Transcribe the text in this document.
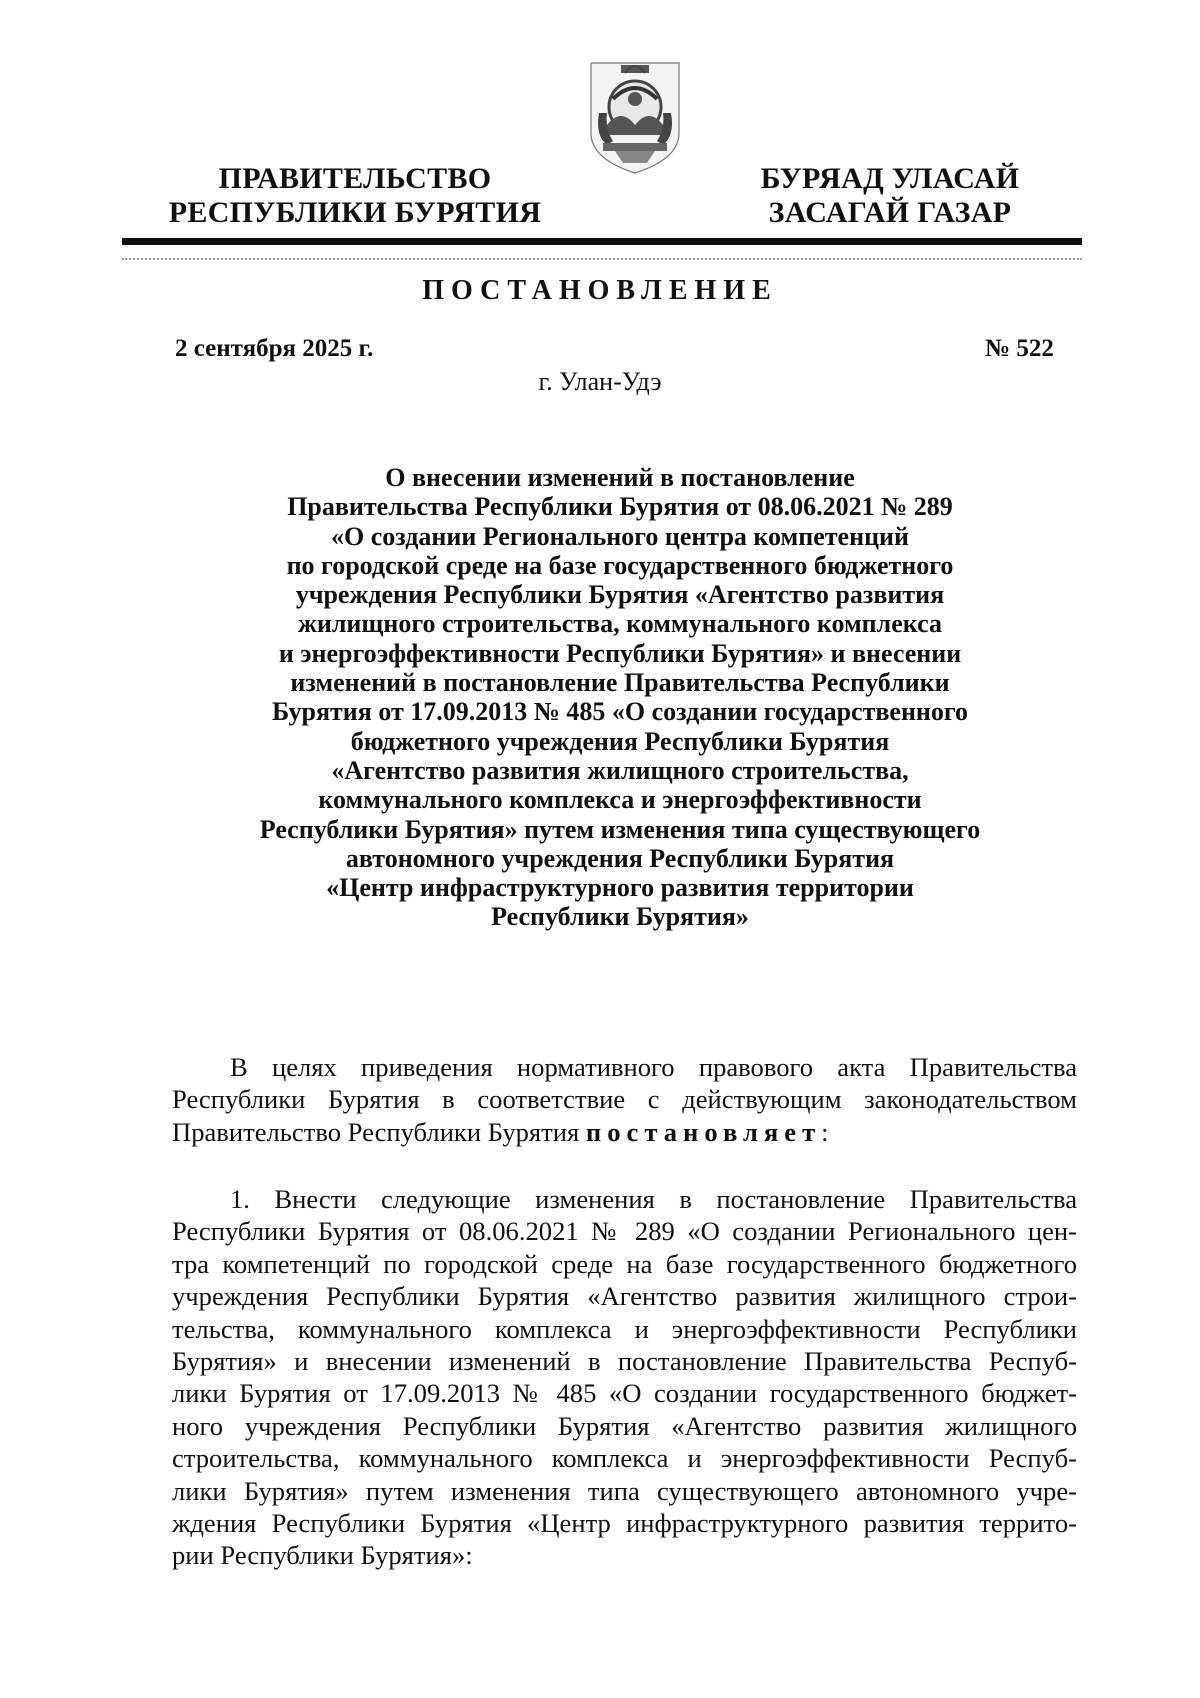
ПРАВИТЕЛЬСТВО
РЕСПУБЛИКИ БУРЯТИЯ
БУРЯАД УЛАСАЙ
ЗАСАГАЙ ГАЗАР
ПОСТАНОВЛЕНИЕ
2 сентября 2025 г.	№ 522
г. Улан-Удэ

О внесении изменений в постановление
Правительства Республики Бурятия от 08.06.2021 № 289
«О создании Регионального центра компетенций
по городской среде на базе государственного бюджетного
учреждения Республики Бурятия «Агентство развития
жилищного строительства, коммунального комплекса
и энергоэффективности Республики Бурятия» и внесении
изменений в постановление Правительства Республики
Бурятия от 17.09.2013 № 485 «О создании государственного
бюджетного учреждения Республики Бурятия
«Агентство развития жилищного строительства,
коммунального комплекса и энергоэффективности
Республики Бурятия» путем изменения типа существующего
автономного учреждения Республики Бурятия
«Центр инфраструктурного развития территории
Республики Бурятия»

В целях приведения нормативного правового акта Правительства
Республики Бурятия в соответствие с действующим законодательством
Правительство Республики Бурятия постановляет:

1. Внести следующие изменения в постановление Правительства
Республики Бурятия от 08.06.2021 № 289 «О создании Регионального цен-
тра компетенций по городской среде на базе государственного бюджетного
учреждения Республики Бурятия «Агентство развития жилищного строи-
тельства, коммунального комплекса и энергоэффективности Республики
Бурятия» и внесении изменений в постановление Правительства Респуб-
лики Бурятия от 17.09.2013 № 485 «О создании государственного бюджет-
ного учреждения Республики Бурятия «Агентство развития жилищного
строительства, коммунального комплекса и энергоэффективности Респуб-
лики Бурятия» путем изменения типа существующего автономного учре-
ждения Республики Бурятия «Центр инфраструктурного развития террито-
рии Республики Бурятия»:
